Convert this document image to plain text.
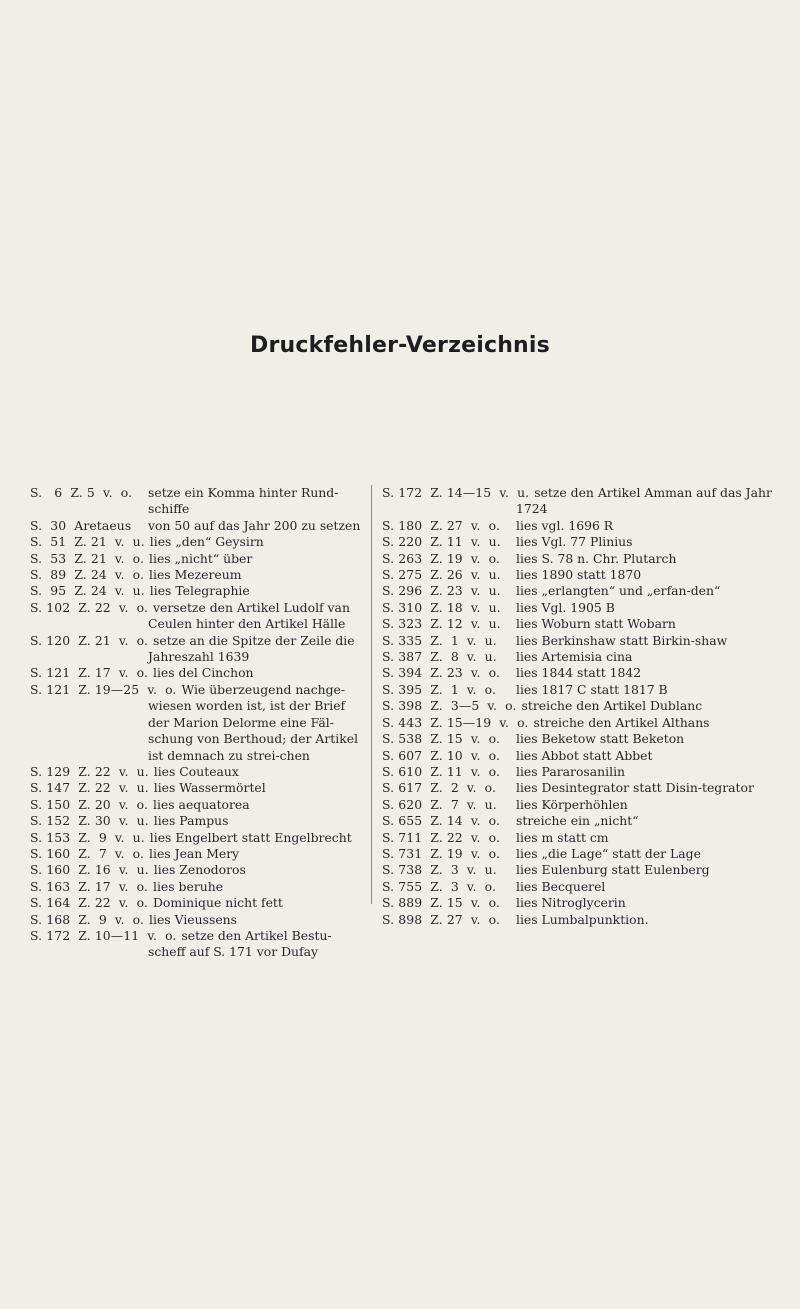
Druckfehler-Verzeichnis
S.   6  Z. 5  v.  o.	setze ein Komma hinter Rund-schiffe
S.  30  Aretaeus	von 50 auf das Jahr 200 zu setzen
S.  51  Z. 21  v.  u. lies „den“ Geysirn
S.  53  Z. 21  v.  o. lies „nicht“ über
S.  89  Z. 24  v.  o. lies Mezereum
S.  95  Z. 24  v.  u. lies Telegraphie
S. 102  Z. 22  v.  o. versetze den Artikel Ludolf van Ceulen hinter den Artikel Hälle
S. 120  Z. 21  v.  o. setze an die Spitze der Zeile die Jahreszahl 1639
S. 121  Z. 17  v.  o. lies del Cinchon
S. 121  Z. 19—25  v.  o. Wie überzeugend nachge-wiesen worden ist, ist der Brief der Marion Delorme eine Fäl-schung von Berthoud; der Artikel ist demnach zu strei-chen
S. 129  Z. 22  v.  u. lies Couteaux
S. 147  Z. 22  v.  u. lies Wassermörtel
S. 150  Z. 20  v.  o. lies aequatorea
S. 152  Z. 30  v.  u. lies Pampus
S. 153  Z.  9  v.  u. lies Engelbert statt Engelbrecht
S. 160  Z.  7  v.  o. lies Jean Mery
S. 160  Z. 16  v.  u. lies Zenodoros
S. 163  Z. 17  v.  o. lies beruhe
S. 164  Z. 22  v.  o. Dominique nicht fett
S. 168  Z.  9  v.  o. lies Vieussens
S. 172  Z. 10—11  v.  o. setze den Artikel Bestu-scheff auf S. 171 vor Dufay
S. 172  Z. 14—15  v.  u. setze den Artikel Amman auf das Jahr 1724
S. 180  Z. 27  v.  o.	lies vgl. 1696 R
S. 220  Z. 11  v.  u.	lies Vgl. 77 Plinius
S. 263  Z. 19  v.  o.	lies S. 78 n. Chr. Plutarch
S. 275  Z. 26  v.  u.	lies 1890 statt 1870
S. 296  Z. 23  v.  u.	lies „erlangten“ und „erfan-den“
S. 310  Z. 18  v.  u.	lies Vgl. 1905 B
S. 323  Z. 12  v.  u.	lies Woburn statt Wobarn
S. 335  Z.  1  v.  u.	lies Berkinshaw statt Birkin-shaw
S. 387  Z.  8  v.  u.	lies Artemisia cina
S. 394  Z. 23  v.  o.	lies 1844 statt 1842
S. 395  Z.  1  v.  o.	lies 1817 C statt 1817 B
S. 398  Z.  3—5  v.  o. streiche den Artikel Dublanc
S. 443  Z. 15—19  v.  o. streiche den Artikel Althans
S. 538  Z. 15  v.  o.	lies Beketow statt Beketon
S. 607  Z. 10  v.  o.	lies Abbot statt Abbet
S. 610  Z. 11  v.  o.	lies Pararosanilin
S. 617  Z.  2  v.  o.	lies Desintegrator statt Disin-tegrator
S. 620  Z.  7  v.  u.	lies Körperhöhlen
S. 655  Z. 14  v.  o.	streiche ein „nicht“
S. 711  Z. 22  v.  o.	lies m statt cm
S. 731  Z. 19  v.  o.	lies „die Lage“ statt der Lage
S. 738  Z.  3  v.  u.	lies Eulenburg statt Eulenberg
S. 755  Z.  3  v.  o.	lies Becquerel
S. 889  Z. 15  v.  o.	lies Nitroglycerin
S. 898  Z. 27  v.  o.	lies Lumbalpunktion.
